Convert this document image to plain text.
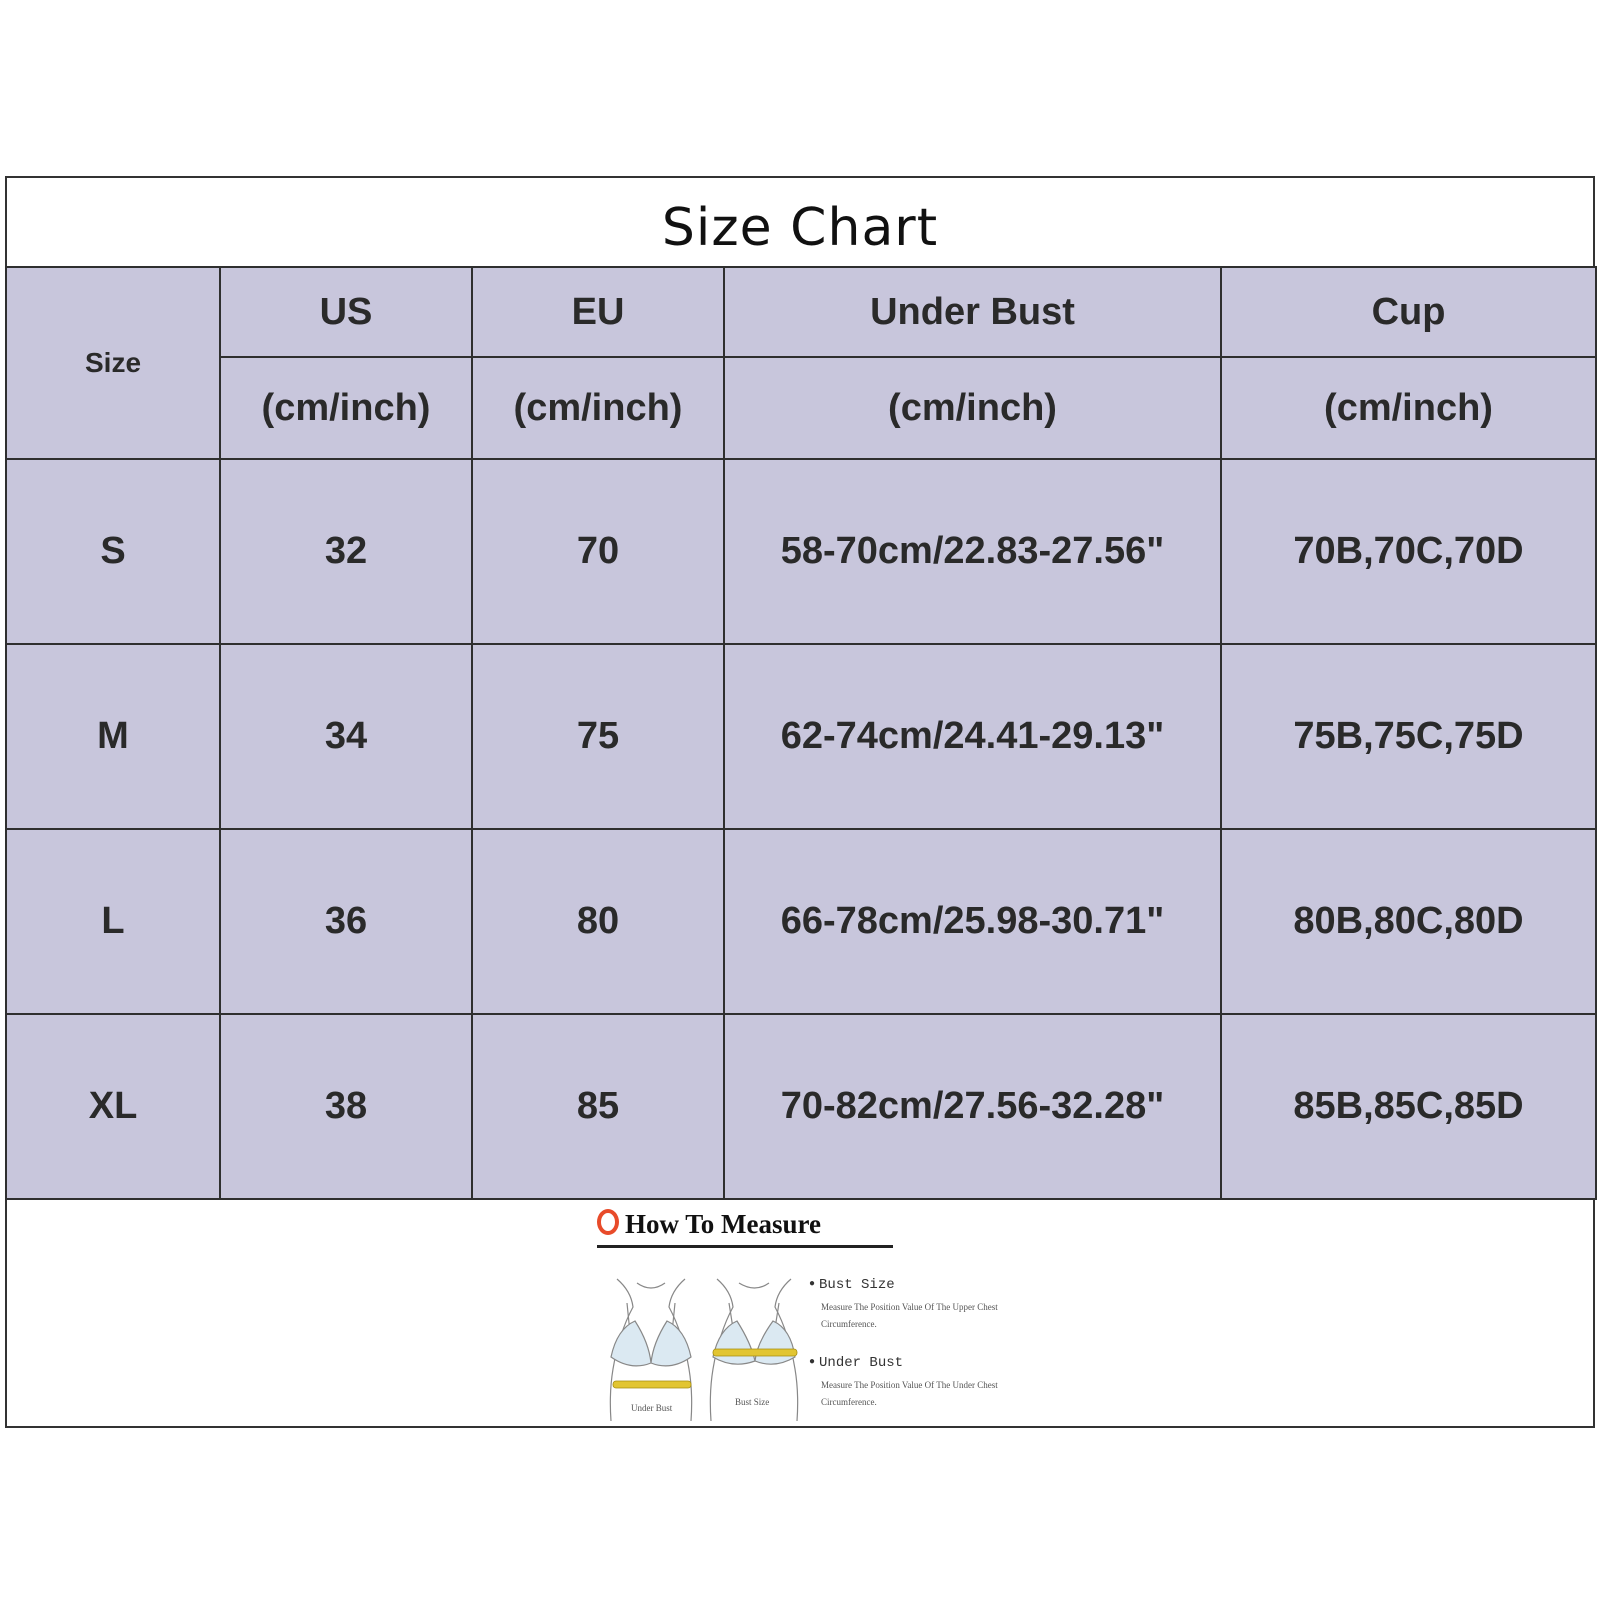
Size Chart
Size	US	EU	Under Bust	Cup
	(cm/inch)	(cm/inch)	(cm/inch)	(cm/inch)
S	32	70	58-70cm/22.83-27.56"	70B,70C,70D
M	34	75	62-74cm/24.41-29.13"	75B,75C,75D
L	36	80	66-78cm/25.98-30.71"	80B,80C,80D
XL	38	85	70-82cm/27.56-32.28"	85B,85C,85D
How To Measure
Under Bust
Bust Size
● Bust Size
Measure The Position Value Of The Upper Chest Circumference.
● Under Bust
Measure The Position Value Of The Under Chest Circumference.
